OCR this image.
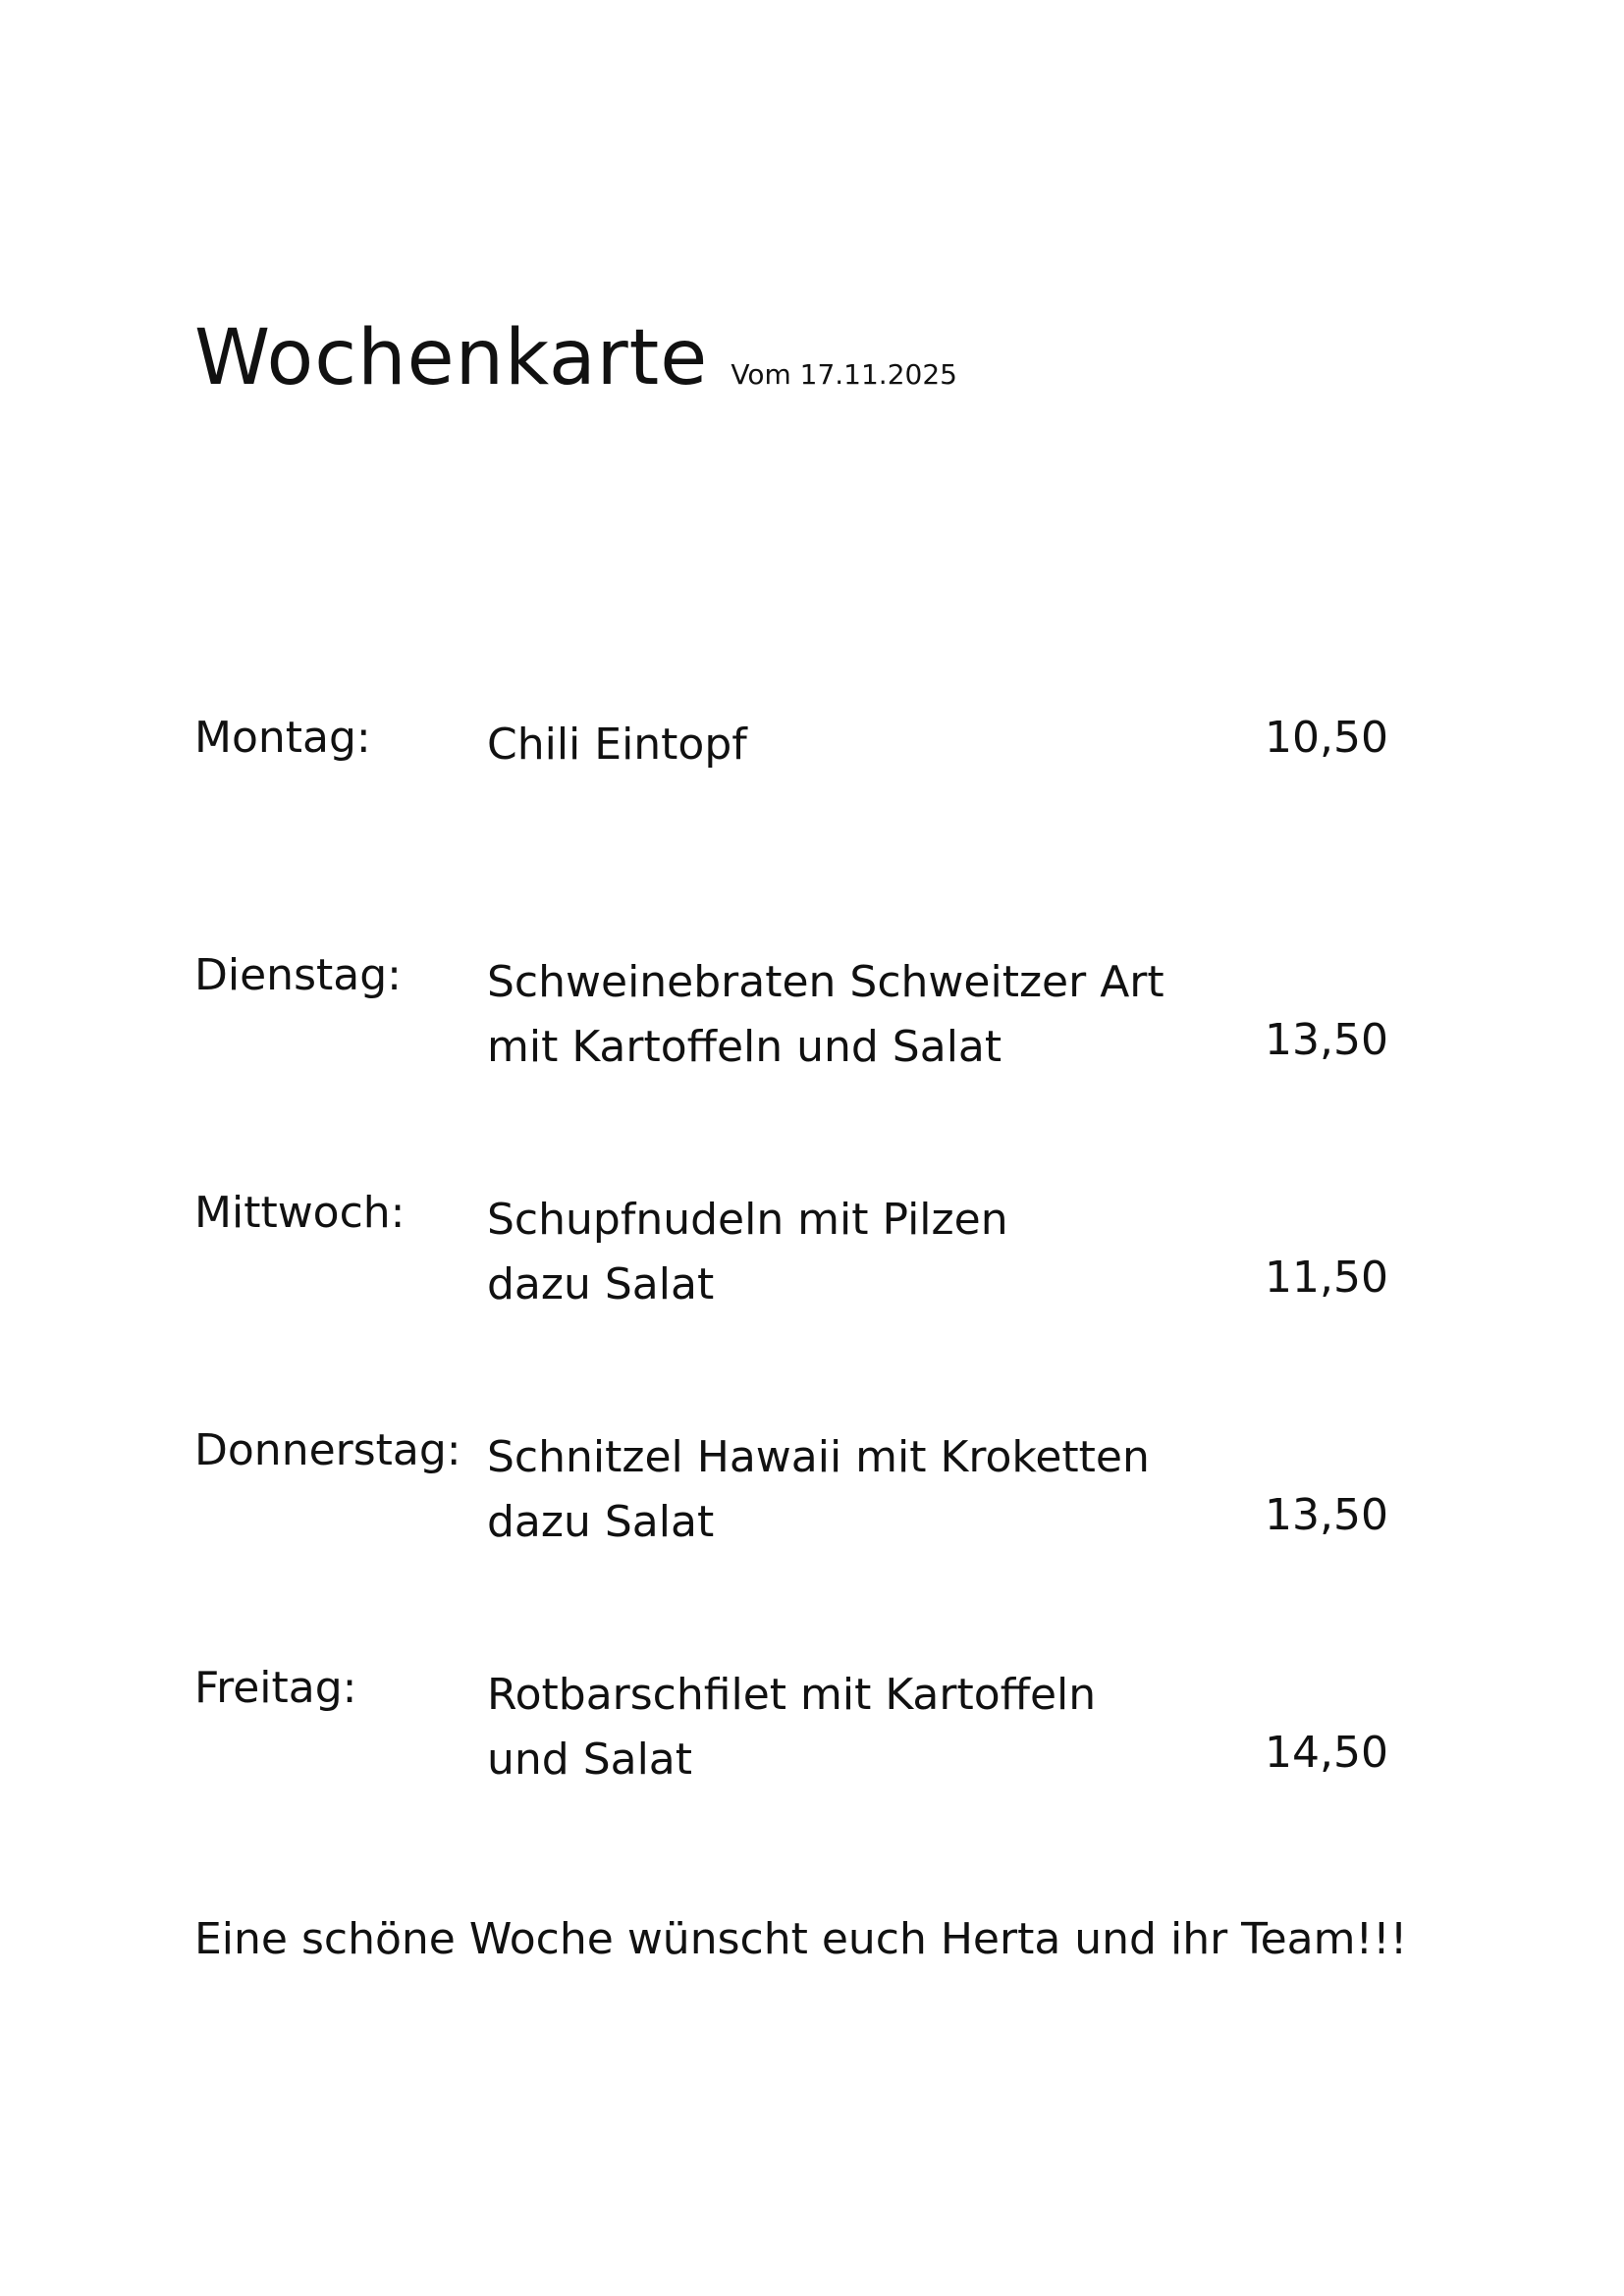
Wochenkarte Vom 17.11.2025
Montag:	Chili Eintopf	10,50
Dienstag: Schweinebraten Schweitzer Art
mit Kartoffeln und Salat	13,50
Mittwoch: Schupfnudeln mit Pilzen
dazu Salat	11,50
Donnerstag: Schnitzel Hawaii mit Kroketten
dazu Salat	13,50
Freitag:	Rotbarschfilet mit Kartoffeln
und Salat	14,50
Eine schöne Woche wünscht euch Herta und ihr Team!!!
